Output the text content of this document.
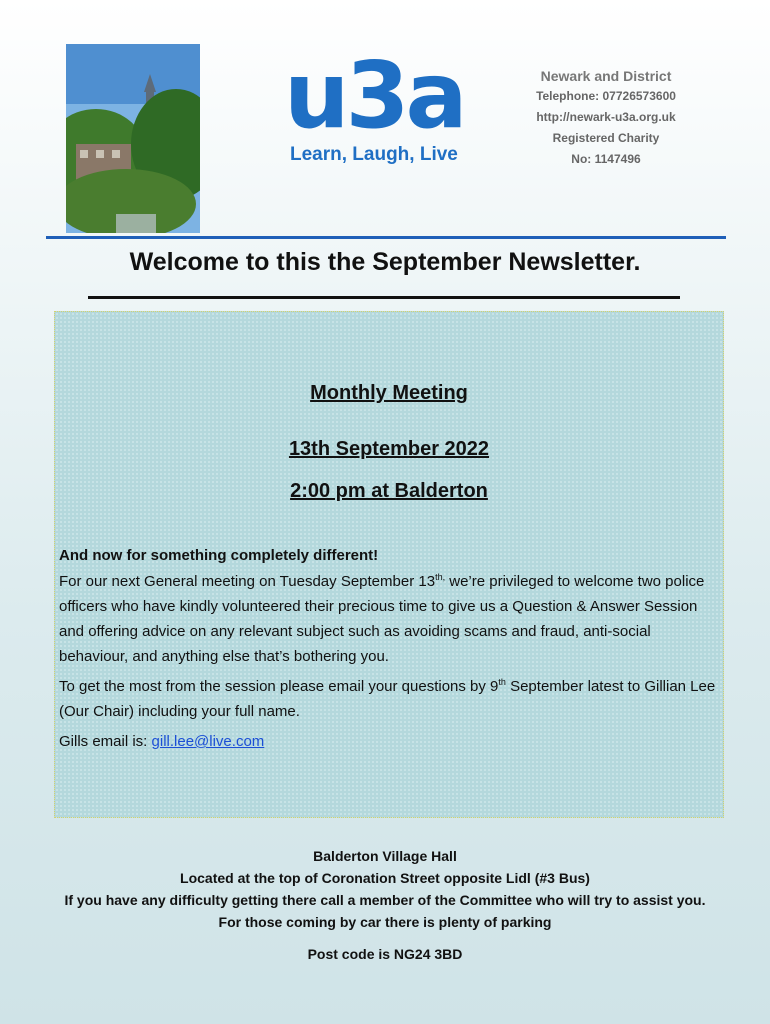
u3a
Learn, Laugh, Live
Newark and District
Telephone: 07726573600
http://newark-u3a.org.uk
Registered Charity
No: 1147496
Welcome to this the September Newsletter.
Monthly Meeting
13th September 2022
2:00 pm at Balderton

And now for something completely different!

For our next General meeting on Tuesday September $13^{th,}$ we’re privileged to welcome two police officers who have kindly volunteered their precious time to give us a Question & Answer Session and offering advice on any relevant subject such as avoiding scams and fraud, anti-social behaviour, and anything else that’s bothering you.

To get the most from the session please email your questions by 9th September latest to Gillian Lee (Our Chair) including your full name.

Gills email is: gill.lee@live.com

Balderton Village Hall
Located at the top of Coronation Street opposite Lidl (#3 Bus)
If you have any difficulty getting there call a member of the Committee who will try to assist you. For those coming by car there is plenty of parking
Post code is NG24 3BD
